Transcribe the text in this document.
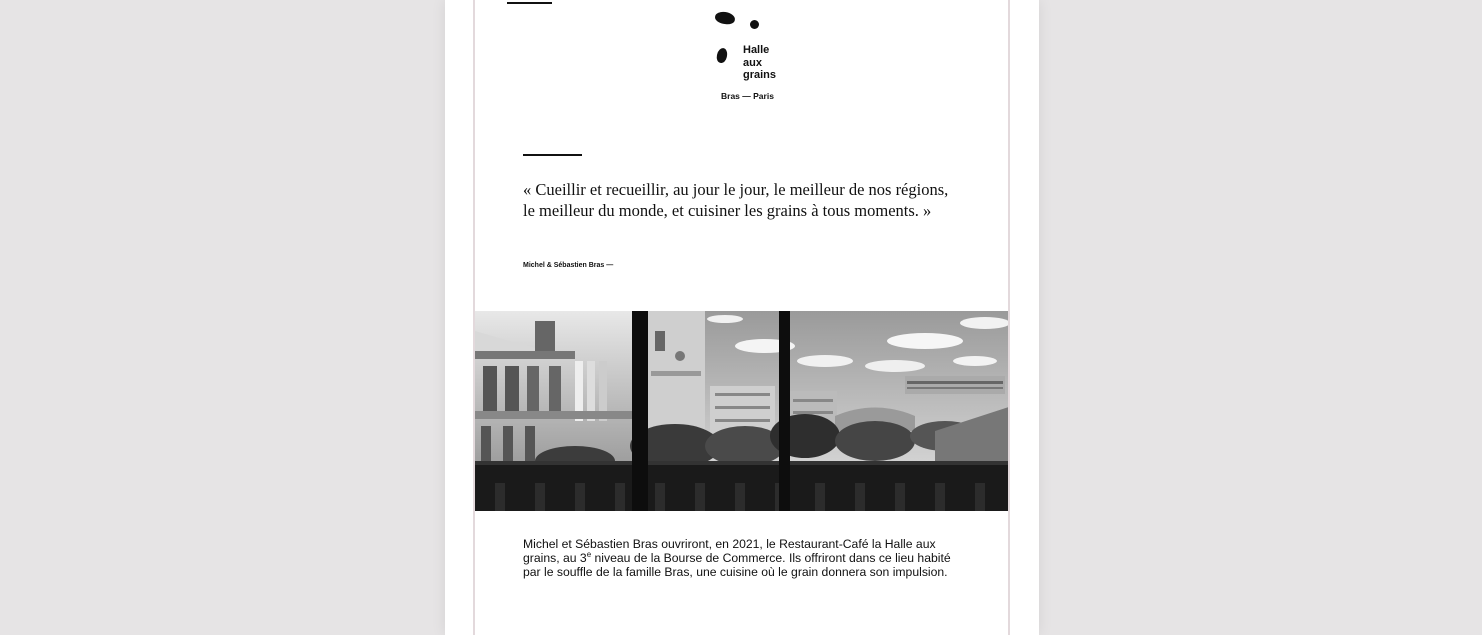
Halle
aux
grains
Bras — Paris

« Cueillir et recueillir, au jour le jour, le meilleur de nos régions, le meilleur du monde, et cuisiner les grains à tous moments. »

Michel & Sébastien Bras —

Michel et Sébastien Bras ouvriront, en 2021, le Restaurant-Café la Halle aux grains, au 3e niveau de la Bourse de Commerce. Ils offriront dans ce lieu habité par le souffle de la famille Bras, une cuisine où le grain donnera son impulsion.
